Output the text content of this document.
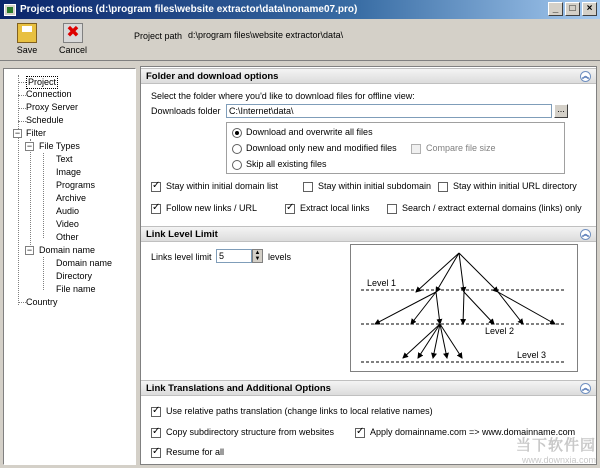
Project options (d:\program files\website extractor\data\noname07.pro)	_	□	×
Save
✖
Cancel
Project path d:\program files\website extractor\data\
−
−
−
Project
Connection
Proxy Server
Schedule
Filter
File Types
Text
Image
Programs
Archive
Audio
Video
Other
Domain name
Domain name
Directory
File name
Country
Folder and download options	︽
Select the folder where you'd like to download files for offline view:
Downloads folder C:\Internet\data\	...
Download and overwrite all files
Download only new and modified files	Compare file size
Skip all existing files
✓
Stay within initial domain list	Stay within initial subdomain Stay within initial URL directory
✓
Follow new links / URL ✓	Extract local links	Search / extract external domains (links) only
Link Level Limit	︽
Links level limit 5	▲
▼ levels
Level 1
Level 2
Level 3
Link Translations and Additional Options	︽
✓
Use relative paths translation (change links to local relative names)
✓
Copy subdirectory structure from websites ✓	Apply domainname.com => www.domainname.com
✓
Resume for all	当下软件园
www.downxia.com
